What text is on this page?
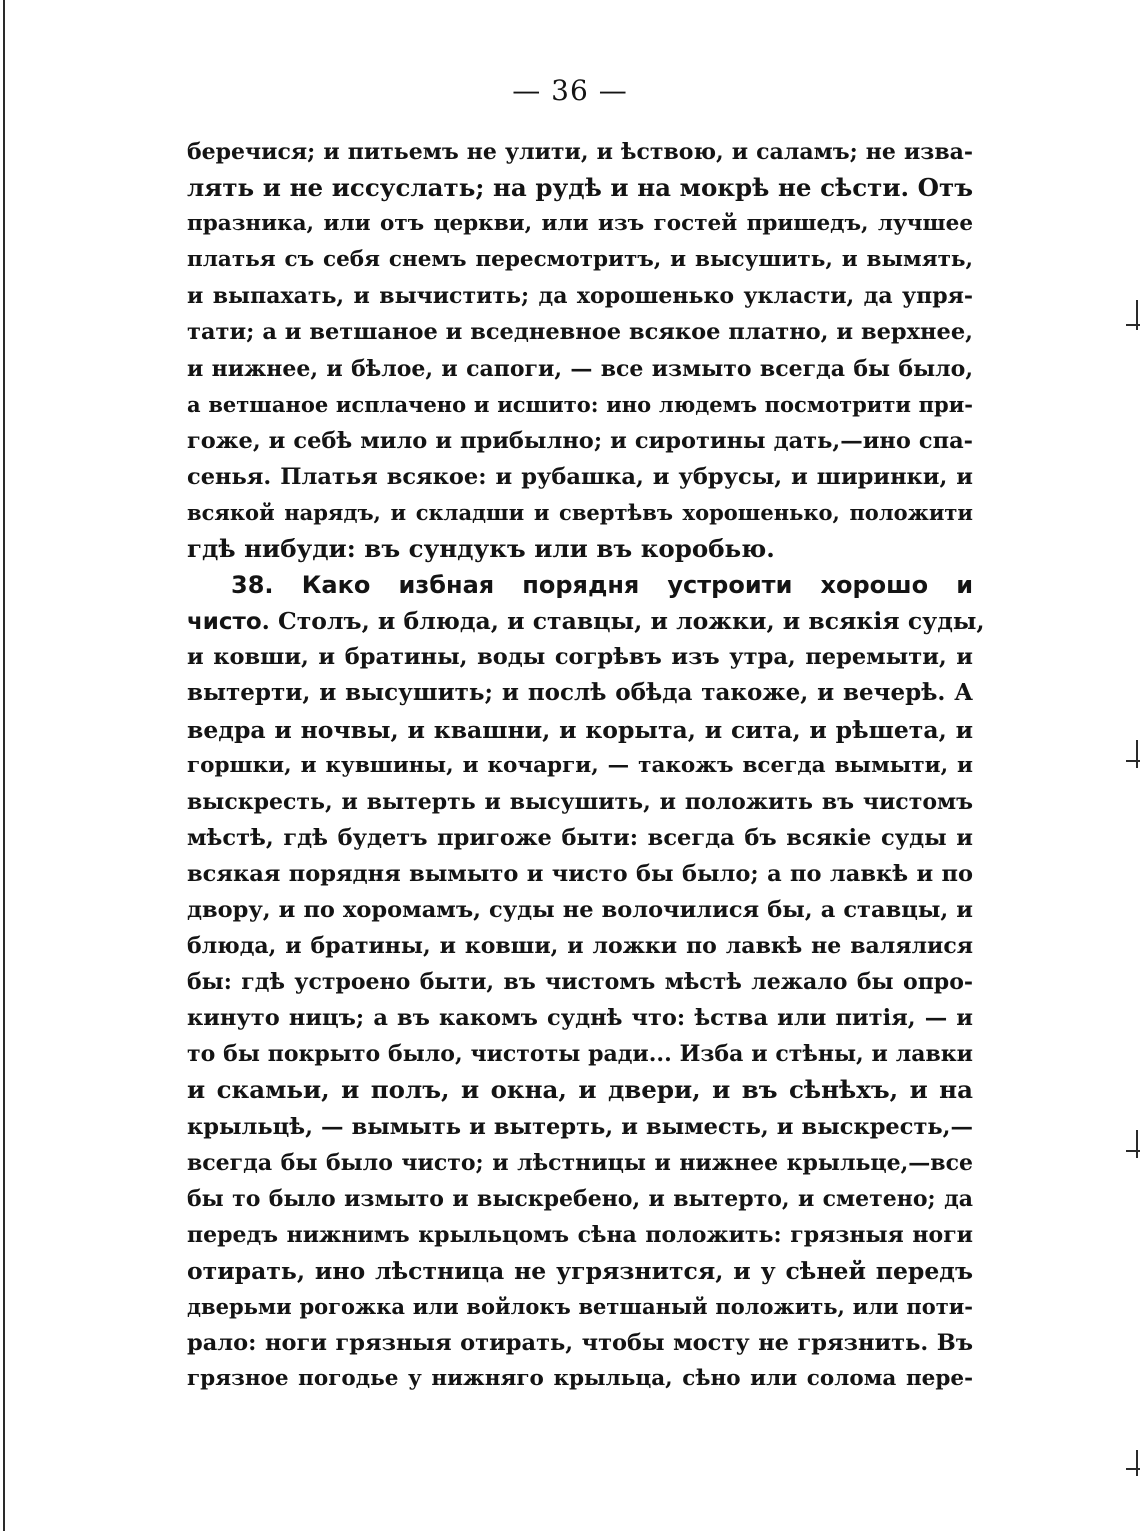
— 36 —
беречися; и питьемъ не улити, и ѣствою, и саламъ; не изва-
лять и не иссуслать; на рудѣ и на мокрѣ не сѣсти. Отъ
празника, или отъ церкви, или изъ гостей пришедъ, лучшее
платья съ себя снемъ пересмотритъ, и высушить, и вымять,
и выпахать, и вычистить; да хорошенько укласти, да упря-
тати; а и ветшаное и вседневное всякое платно, и верхнее,
и нижнее, и бѣлое, и сапоги, — все измыто всегда бы было,
а ветшаное исплачено и исшито: ино людемъ посмотрити при-
гоже, и себѣ мило и прибылно; и сиротины дать,—ино спа-
сенья. Платья всякое: и рубашка, и убрусы, и ширинки, и
всякой нарядъ, и складши и свертѣвъ хорошенько, положити
гдѣ нибуди: въ сундукъ или въ коробью.
38. Како избная порядня устроити хорошо и
чисто. Столъ, и блюда, и ставцы, и ложки, и всякія суды,
и ковши, и братины, воды согрѣвъ изъ утра, перемыти, и
вытерти, и высушить; и послѣ обѣда такоже, и вечерѣ. А
ведра и ночвы, и квашни, и корыта, и сита, и рѣшета, и
горшки, и кувшины, и кочарги, — такожъ всегда вымыти, и
выскресть, и вытерть и высушить, и положить въ чистомъ
мѣстѣ, гдѣ будетъ пригоже быти: всегда бъ всякіе суды и
всякая порядня вымыто и чисто бы было; а по лавкѣ и по
двору, и по хоромамъ, суды не волочилися бы, а ставцы, и
блюда, и братины, и ковши, и ложки по лавкѣ не валялися
бы: гдѣ устроено быти, въ чистомъ мѣстѣ лежало бы опро-
кинуто ницъ; а въ какомъ суднѣ что: ѣства или питія, — и
то бы покрыто было, чистоты ради... Изба и стѣны, и лавки
и скамьи, и полъ, и окна, и двери, и въ сѣнѣхъ, и на
крыльцѣ, — вымыть и вытерть, и выместь, и выскресть,—
всегда бы было чисто; и лѣстницы и нижнее крыльце,—все
бы то было измыто и выскребено, и вытерто, и сметено; да
передъ нижнимъ крыльцомъ сѣна положить: грязныя ноги
отирать, ино лѣстница не угрязнится, и у сѣней передъ
дверьми рогожка или войлокъ ветшаный положить, или поти-
рало: ноги грязныя отирать, чтобы мосту не грязнить. Въ
грязное погодье у нижняго крыльца, сѣно или солома пере-
